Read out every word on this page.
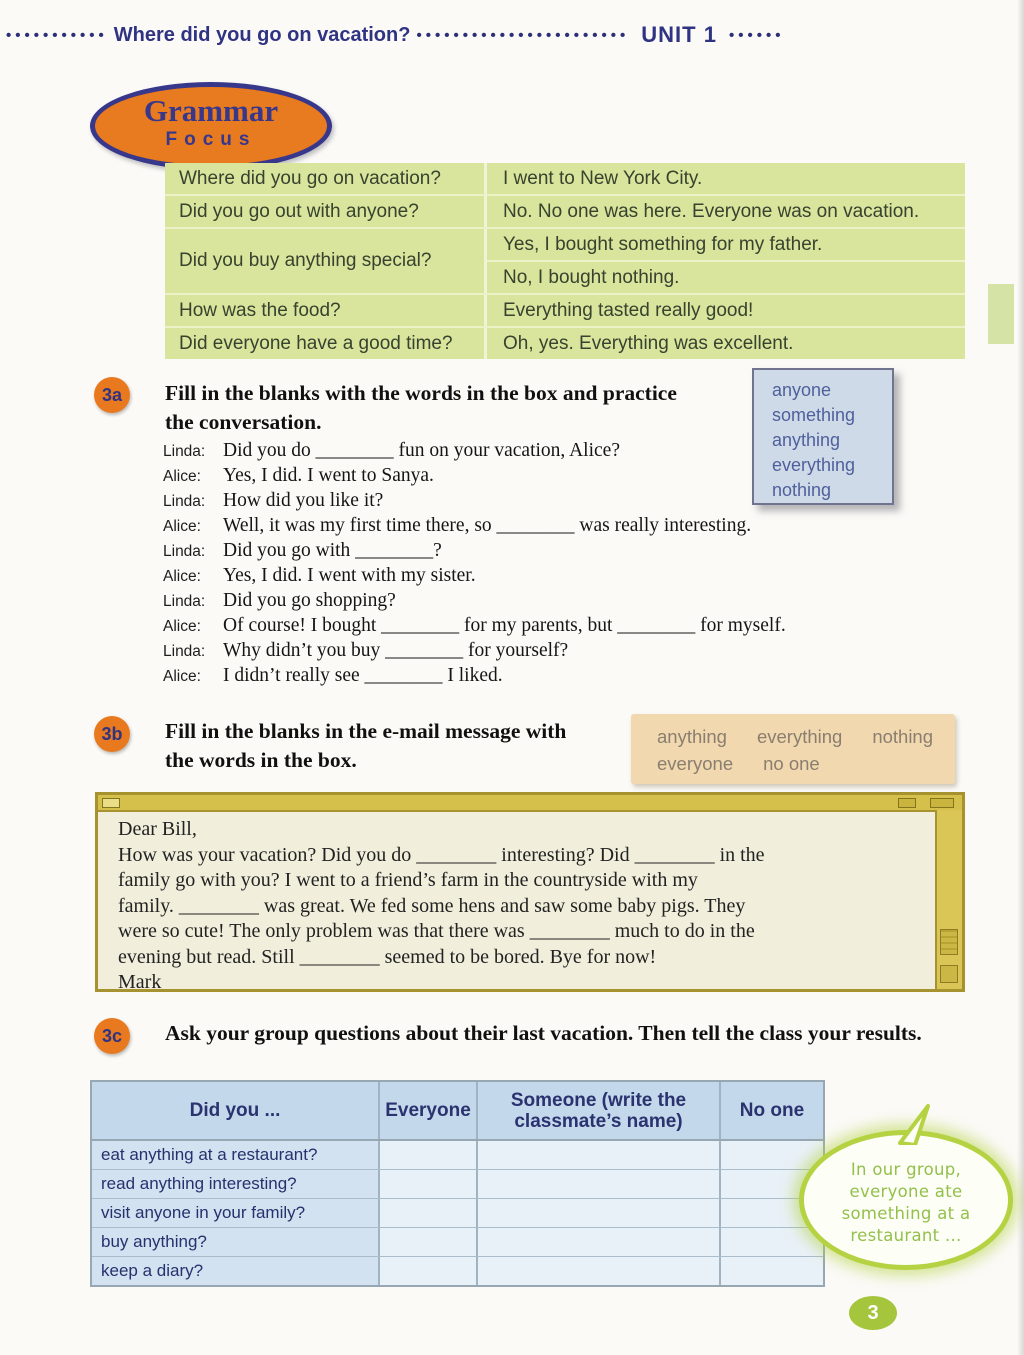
••••••••••• Where did you go on vacation? ••••••••••••••••••••••• UNIT 1 ••••••
Grammar
Focus
Where did you go on vacation?	I went to New York City.
Did you go out with anyone?	No. No one was here. Everyone was on vacation.
Did you buy anything special?
Yes, I bought something for my father.
No, I bought nothing.
How was the food?	Everything tasted really good!
Did everyone have a good time?	Oh, yes. Everything was excellent.
3a	Fill in the blanks with the words in the box and practice the conversation.
anyone
something
anything
everything
nothing
Linda: Did you do ________ fun on your vacation, Alice?
Alice:	Yes, I did. I went to Sanya.
Linda: How did you like it?
Alice:	Well, it was my first time there, so ________ was really interesting.
Linda: Did you go with ________?
Alice:	Yes, I did. I went with my sister.
Linda: Did you go shopping?
Alice:	Of course! I bought ________ for my parents, but ________ for myself.
Linda: Why didn’t you buy ________ for yourself?
Alice:	I didn’t really see ________ I liked.
3b	Fill in the blanks in the e-mail message with the words in the box.
anything everything nothing
everyone no one
Dear Bill,
How was your vacation? Did you do ________ interesting? Did ________ in the
family go with you? I went to a friend’s farm in the countryside with my
family. ________ was great. We fed some hens and saw some baby pigs. They
were so cute! The only problem was that there was ________ much to do in the
evening but read. Still ________ seemed to be bored. Bye for now!
Mark
3c	Ask your group questions about their last vacation. Then tell the class your results.
Did you ...	Everyone	Someone (write the classmate’s name)	No one
eat anything at a restaurant?
read anything interesting?
visit anyone in your family?
buy anything?
keep a diary?
In our group,
everyone ate
something at a
restaurant ...
3
